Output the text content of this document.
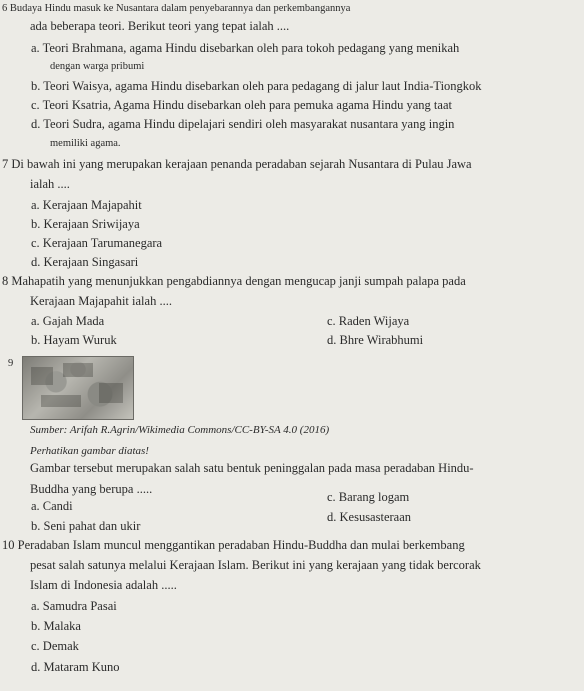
6 Budaya Hindu masuk ke Nusantara dalam penyebarannya dan perkembangannya
ada beberapa teori. Berikut teori yang tepat ialah ....
a. Teori Brahmana, agama Hindu disebarkan oleh para tokoh pedagang yang menikah
dengan warga pribumi
b. Teori Waisya, agama Hindu disebarkan oleh para pedagang di jalur laut India-Tiongkok
c. Teori Ksatria, Agama Hindu disebarkan oleh para pemuka agama Hindu yang taat
d. Teori Sudra, agama Hindu dipelajari sendiri oleh masyarakat nusantara yang ingin
memiliki agama.
7 Di bawah ini yang merupakan kerajaan penanda peradaban sejarah Nusantara di Pulau Jawa
ialah ....
a. Kerajaan Majapahit
b. Kerajaan Sriwijaya
c. Kerajaan Tarumanegara
d. Kerajaan Singasari
8 Mahapatih yang menunjukkan pengabdiannya dengan mengucap janji sumpah palapa pada
Kerajaan Majapahit ialah ....
a. Gajah Mada	c. Raden Wijaya
b. Hayam Wuruk	d. Bhre Wirabhumi
9
Sumber: Arifah R.Agrin/Wikimedia Commons/CC-BY-SA 4.0 (2016)
Perhatikan gambar diatas!
Gambar tersebut merupakan salah satu bentuk peninggalan pada masa peradaban Hindu-
Buddha yang berupa .....
a. Candi
c. Barang logam
b. Seni pahat dan ukir
d. Kesusasteraan
10 Peradaban Islam muncul menggantikan peradaban Hindu-Buddha dan mulai berkembang
pesat salah satunya melalui Kerajaan Islam. Berikut ini yang kerajaan yang tidak bercorak
Islam di Indonesia adalah .....
a. Samudra Pasai
b. Malaka
c. Demak
d. Mataram Kuno
